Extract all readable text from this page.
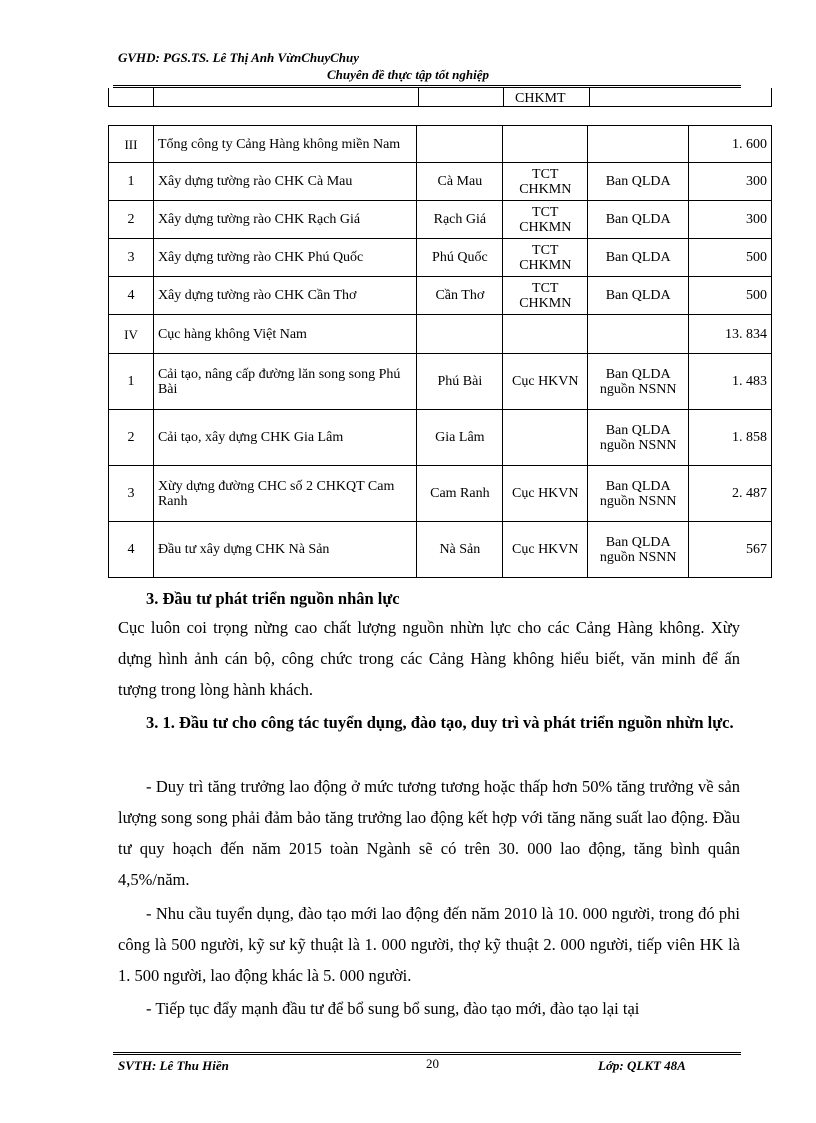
GVHD: PGS.TS. Lê Thị Anh VừnChuyChuy
Chuyên đề thực tập tốt nghiệp
CHKMT
III	Tổng công ty Cảng Hàng không miền Nam				1. 600
1	Xây dựng tường rào CHK Cà Mau	Cà Mau	TCT CHKMN	Ban QLDA	300
2	Xây dựng tường rào CHK Rạch Giá	Rạch Giá	TCT CHKMN	Ban QLDA	300
3	Xây dựng tường rào CHK Phú Quốc	Phú Quốc	TCT CHKMN	Ban QLDA	500
4	Xây dựng tường rào CHK Cần Thơ	Cần Thơ	TCT CHKMN	Ban QLDA	500
IV	Cục hàng không Việt Nam				13. 834
1	Cải tạo, nâng cấp đường lăn song song Phú Bài	Phú Bài	Cục HKVN	Ban QLDA nguồn NSNN	1. 483
2	Cải tạo, xây dựng CHK Gia Lâm	Gia Lâm		Ban QLDA nguồn NSNN	1. 858
3	Xừy dựng đường CHC số 2 CHKQT Cam Ranh	Cam Ranh	Cục HKVN	Ban QLDA nguồn NSNN	2. 487
4	Đầu tư xây dựng CHK Nà Sản	Nà Sản	Cục HKVN	Ban QLDA nguồn NSNN	567
3. Đầu tư phát triển nguồn nhân lực
Cục luôn coi trọng nừng cao chất lượng nguồn nhừn lực cho các Cảng Hàng không. Xừy dựng hình ảnh cán bộ, công chức trong các Cảng Hàng không hiểu biết, văn minh để ấn tượng trong lòng hành khách.
3. 1. Đầu tư cho công tác tuyển dụng, đào tạo, duy trì và phát triển nguồn nhừn lực.
- Duy trì tăng trưởng lao động ở mức tương tương hoặc thấp hơn 50% tăng trưởng về sản lượng song song phải đảm bảo tăng trưởng lao động kết hợp với tăng năng suất lao động. Đầu tư quy hoạch đến năm 2015 toàn Ngành sẽ có trên 30. 000 lao động, tăng bình quân 4,5%/năm.
- Nhu cầu tuyển dụng, đào tạo mới lao động đến năm 2010 là 10. 000 người, trong đó phi công là 500 người, kỹ sư kỹ thuật là 1. 000 người, thợ kỹ thuật 2. 000 người, tiếp viên HK là 1. 500 người, lao động khác là 5. 000 người.
- Tiếp tục đẩy mạnh đầu tư để bổ sung bổ sung, đào tạo mới, đào tạo lại tại
SVTH: Lê Thu Hiền	20	Lớp: QLKT 48A
